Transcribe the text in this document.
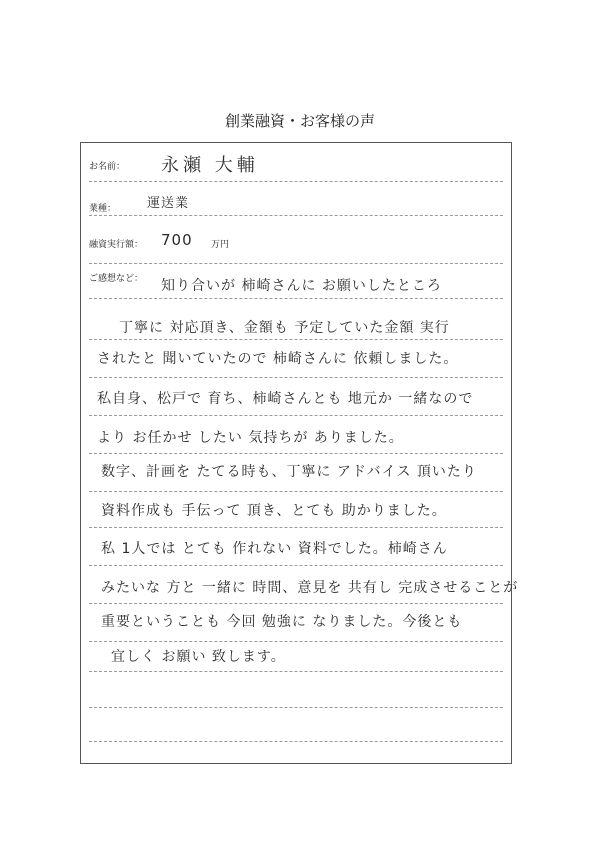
創業融資・お客様の声
お名前： 永瀬 大輔
業種： 運送業
融資実行額： 700 万円
ご感想など： 知り合いが 柿崎さんに お願いしたところ
丁寧に 対応頂き、金額も 予定していた金額 実行
されたと 聞いていたので 柿崎さんに 依頼しました。
私自身、松戸で 育ち、柿崎さんとも 地元か 一緒なので
より お任かせ したい 気持ちが ありました。
数字、計画を たてる時も、丁寧に アドバイス 頂いたり
資料作成も 手伝って 頂き、とても 助かりました。
私 1人では とても 作れない 資料でした。柿崎さん
みたいな 方と 一緒に 時間、意見を 共有し 完成させることが
重要ということも 今回 勉強に なりました。今後とも
宜しく お願い 致します。
